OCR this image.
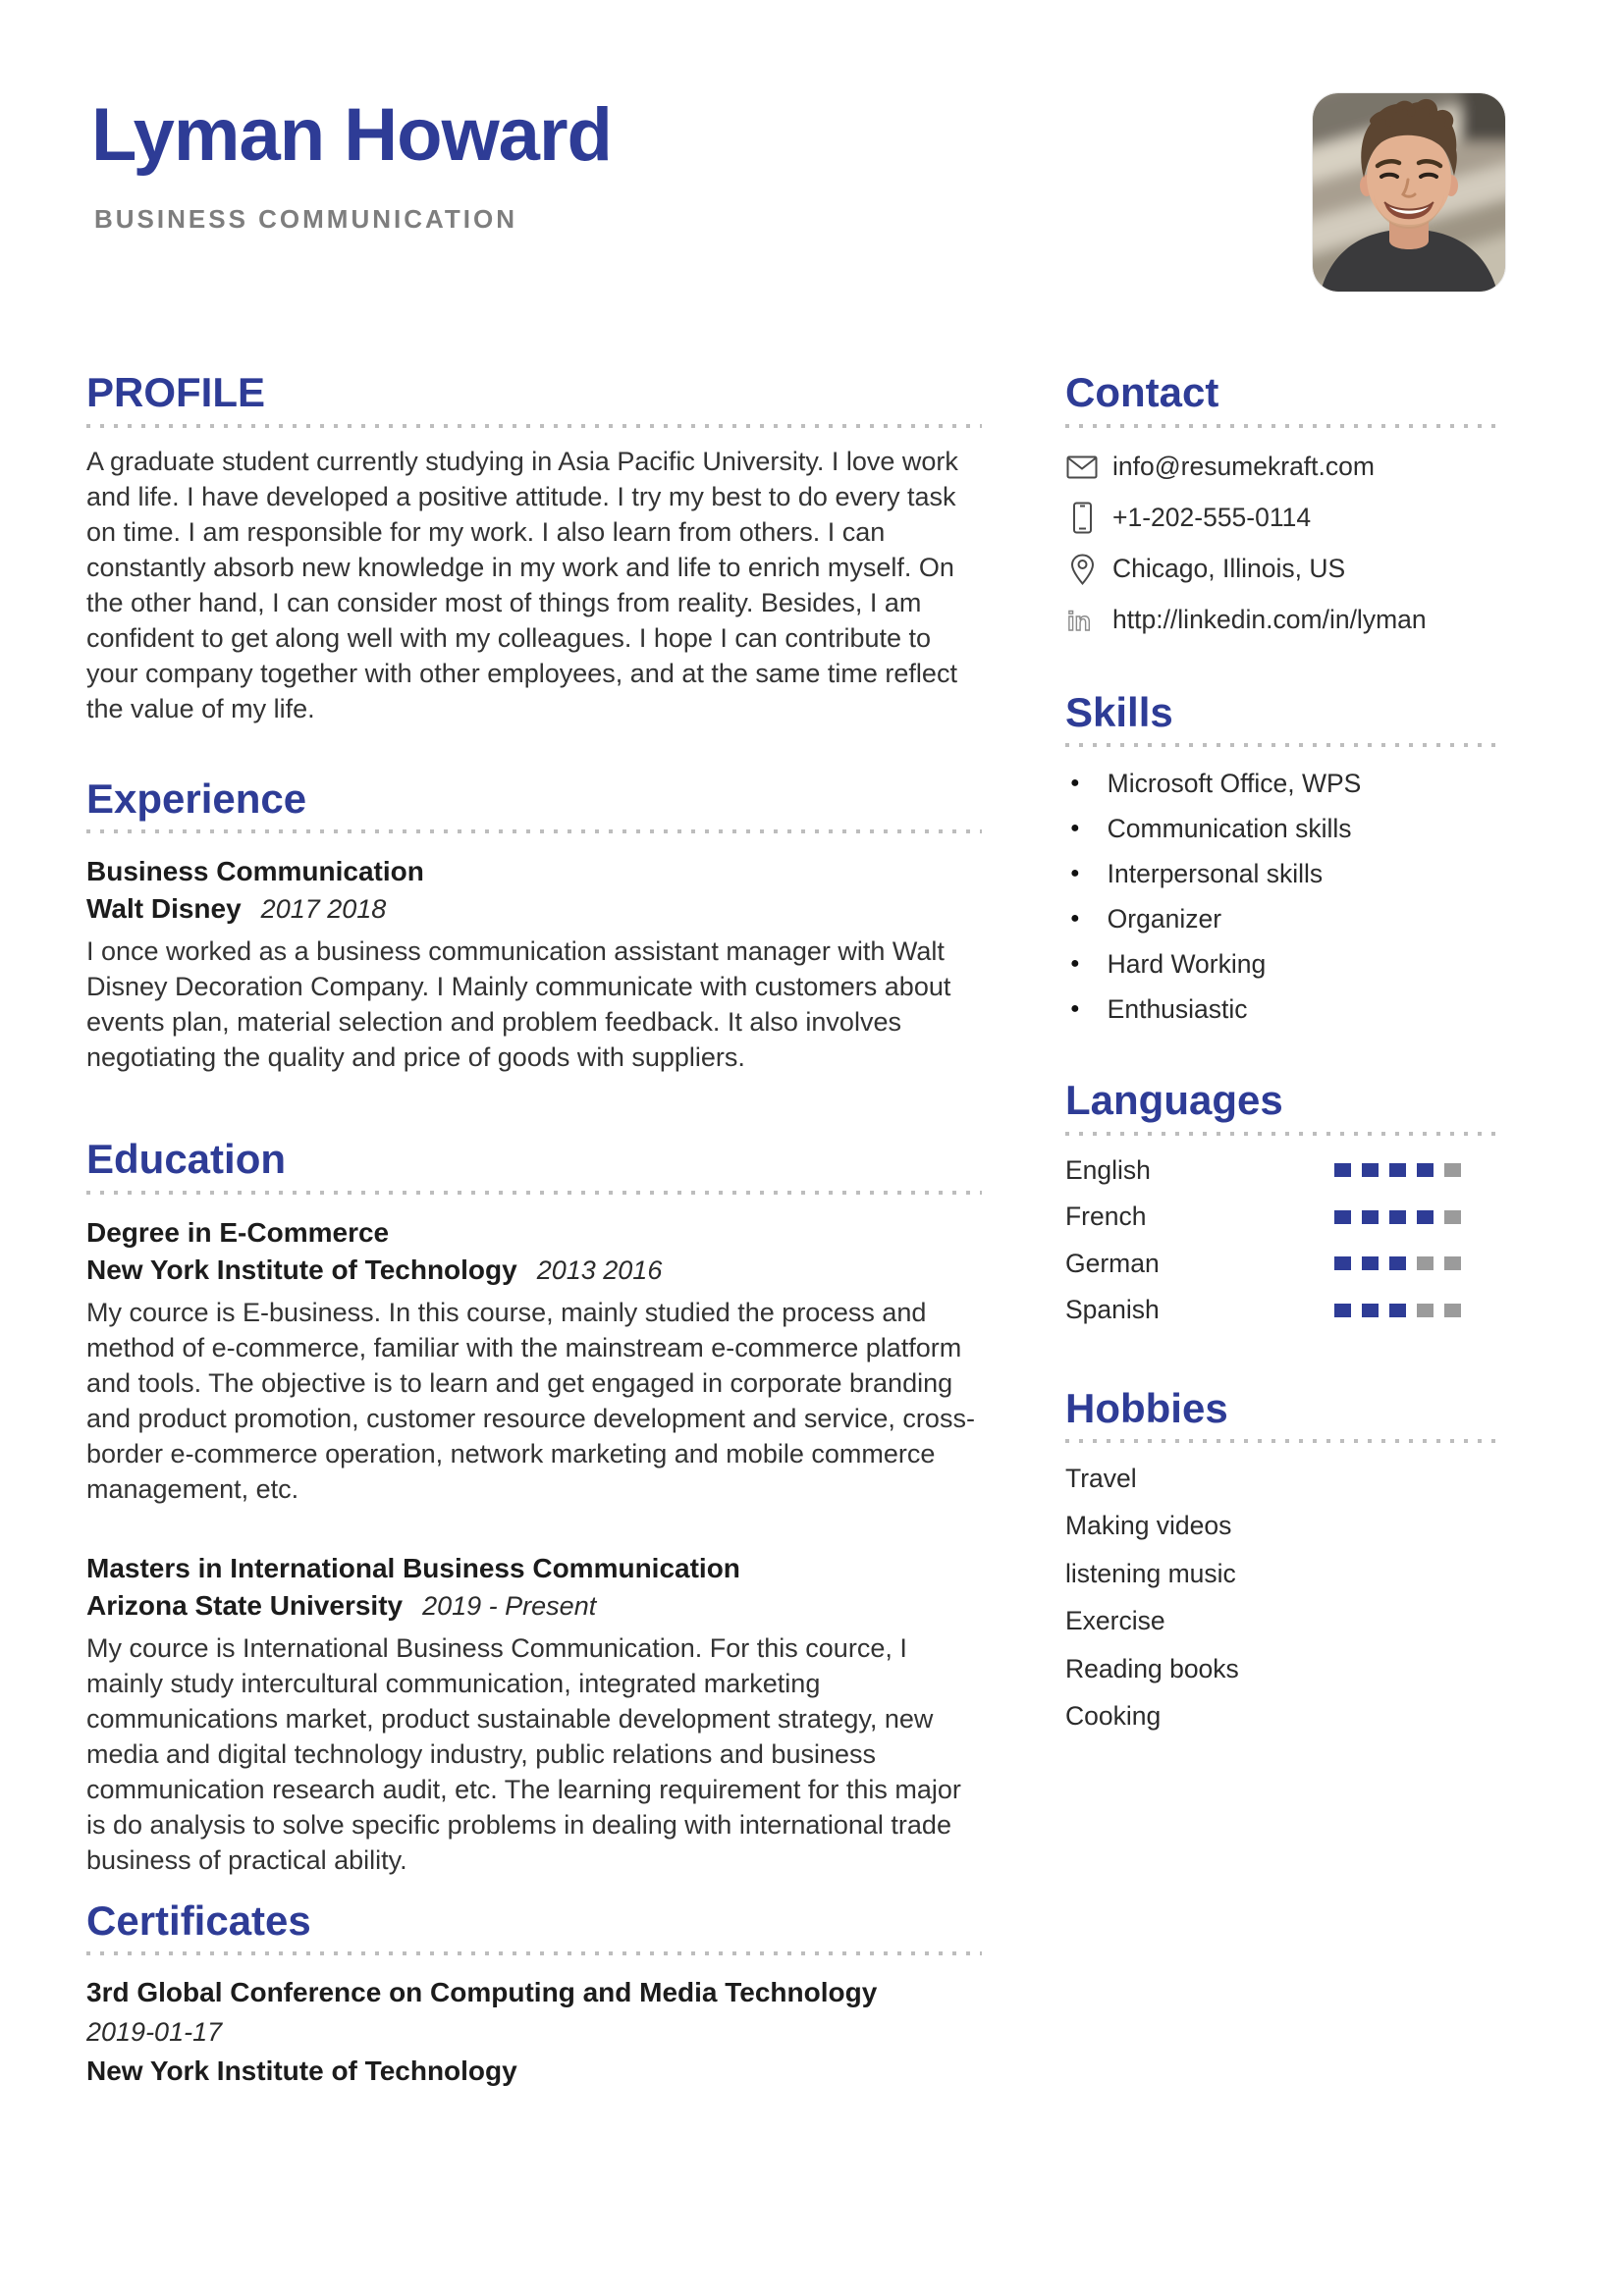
Lyman Howard
BUSINESS COMMUNICATION
PROFILE

A graduate student currently studying in Asia Pacific University. I love work and life. I have developed a positive attitude. I try my best to do every task on time. I am responsible for my work. I also learn from others. I can constantly absorb new knowledge in my work and life to enrich myself. On the other hand, I can consider most of things from reality. Besides, I am confident to get along well with my colleagues. I hope I can contribute to your company together with other employees, and at the same time reflect the value of my life.

Experience
Business Communication
Walt Disney 2017 2018

I once worked as a business communication assistant manager with Walt Disney Decoration Company. I Mainly communicate with customers about events plan, material selection and problem feedback. It also involves negotiating the quality and price of goods with suppliers.

Education
Degree in E-Commerce
New York Institute of Technology 2013 2016

My cource is E-business. In this course, mainly studied the process and method of e-commerce, familiar with the mainstream e-commerce platform and tools. The objective is to learn and get engaged in corporate branding and product promotion, customer resource development and service, cross-border e-commerce operation, network marketing and mobile commerce management, etc.

Masters in International Business Communication
Arizona State University 2019 - Present

My cource is International Business Communication. For this cource, I mainly study intercultural communication, integrated marketing communications market, product sustainable development strategy, new media and digital technology industry, public relations and business communication research audit, etc. The learning requirement for this major is do analysis to solve specific problems in dealing with international trade business of practical ability.

Certificates
3rd Global Conference on Computing and Media Technology
2019-01-17
New York Institute of Technology
Contact
info@resumekraft.com
+1-202-555-0114
Chicago, Illinois, US
in http://linkedin.com/in/lyman
Skills
● Microsoft Office, WPS
● Communication skills
● Interpersonal skills
● Organizer
● Hard Working
● Enthusiastic
Languages
English
French
German
Spanish
Hobbies
Travel
Making videos
listening music
Exercise
Reading books
Cooking
